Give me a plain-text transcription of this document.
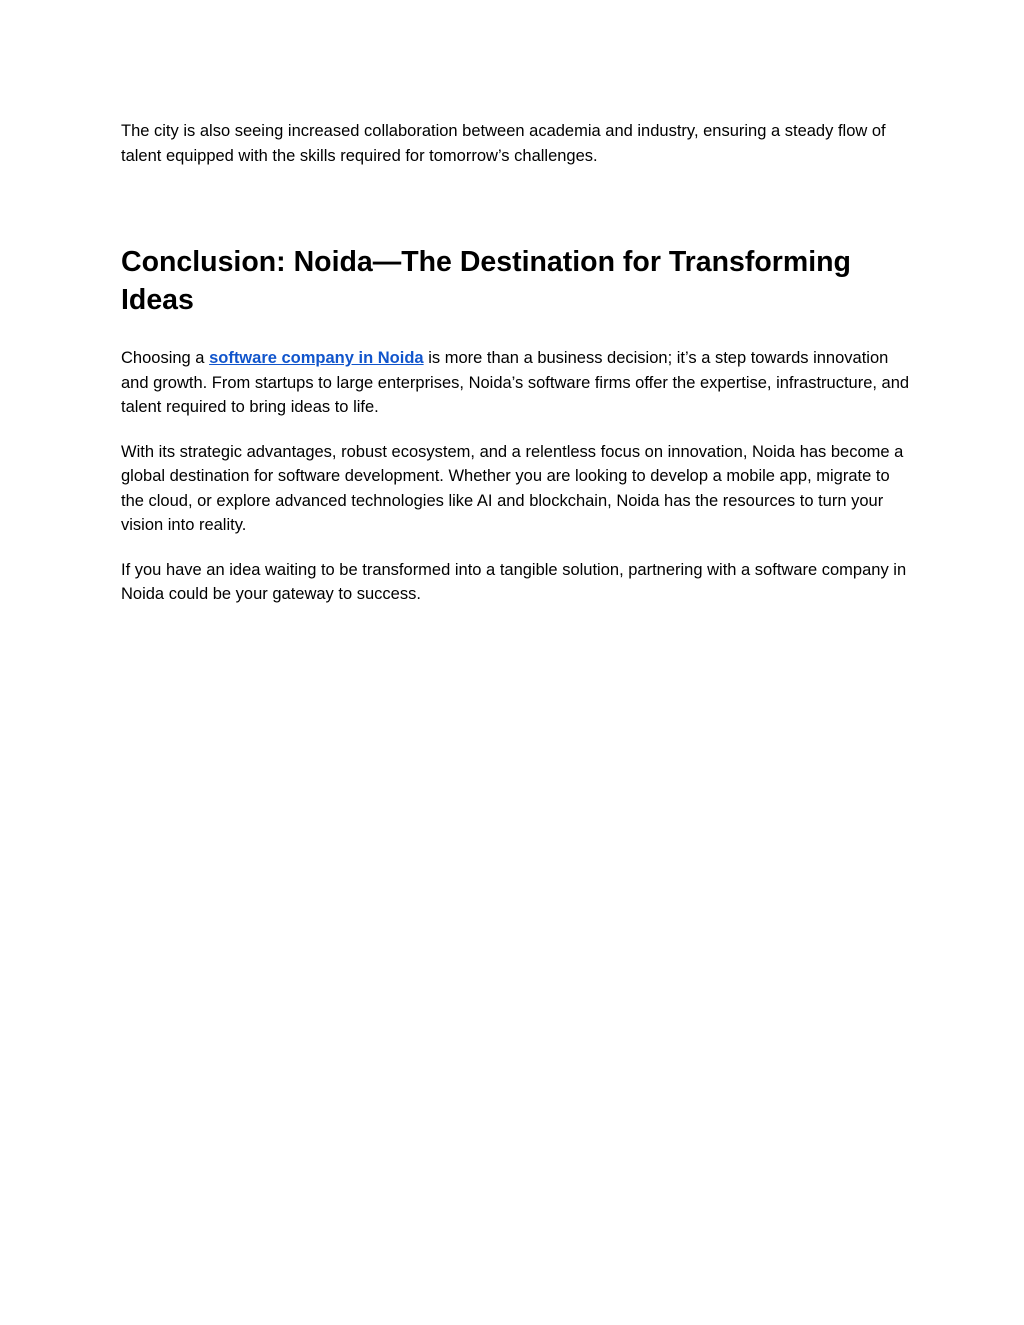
The city is also seeing increased collaboration between academia and industry, ensuring a steady flow of talent equipped with the skills required for tomorrow’s challenges.

Conclusion: Noida—The Destination for Transforming Ideas

Choosing a software company in Noida is more than a business decision; it’s a step towards innovation and growth. From startups to large enterprises, Noida’s software firms offer the expertise, infrastructure, and talent required to bring ideas to life.

With its strategic advantages, robust ecosystem, and a relentless focus on innovation, Noida has become a global destination for software development. Whether you are looking to develop a mobile app, migrate to the cloud, or explore advanced technologies like AI and blockchain, Noida has the resources to turn your vision into reality.

If you have an idea waiting to be transformed into a tangible solution, partnering with a software company in Noida could be your gateway to success.
